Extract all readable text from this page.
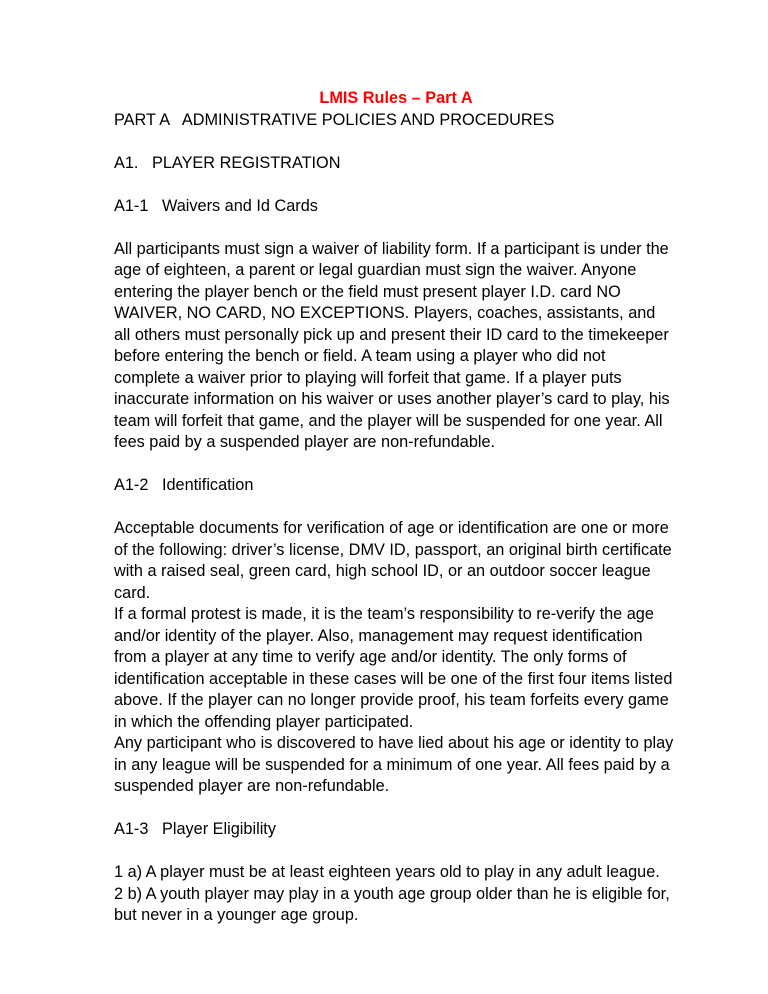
LMIS Rules – Part A

PART A   ADMINISTRATIVE POLICIES AND PROCEDURES

A1.   PLAYER REGISTRATION

A1-1   Waivers and Id Cards

All participants must sign a waiver of liability form. If a participant is under the age of eighteen, a parent or legal guardian must sign the waiver. Anyone entering the player bench or the field must present player I.D. card NO WAIVER, NO CARD, NO EXCEPTIONS. Players, coaches, assistants, and all others must personally pick up and present their ID card to the timekeeper before entering the bench or field. A team using a player who did not complete a waiver prior to playing will forfeit that game. If a player puts inaccurate information on his waiver or uses another player’s card to play, his team will forfeit that game, and the player will be suspended for one year. All fees paid by a suspended player are non-refundable.

A1-2   Identification

Acceptable documents for verification of age or identification are one or more of the following: driver’s license, DMV ID, passport, an original birth certificate with a raised seal, green card, high school ID, or an outdoor soccer league card.

If a formal protest is made, it is the team’s responsibility to re-verify the age and/or identity of the player. Also, management may request identification from a player at any time to verify age and/or identity. The only forms of identification acceptable in these cases will be one of the first four items listed above. If the player can no longer provide proof, his team forfeits every game in which the offending player participated.

Any participant who is discovered to have lied about his age or identity to play in any league will be suspended for a minimum of one year. All fees paid by a suspended player are non-refundable.

A1-3   Player Eligibility

1 a) A player must be at least eighteen years old to play in any adult league.

2 b) A youth player may play in a youth age group older than he is eligible for, but never in a younger age group.
